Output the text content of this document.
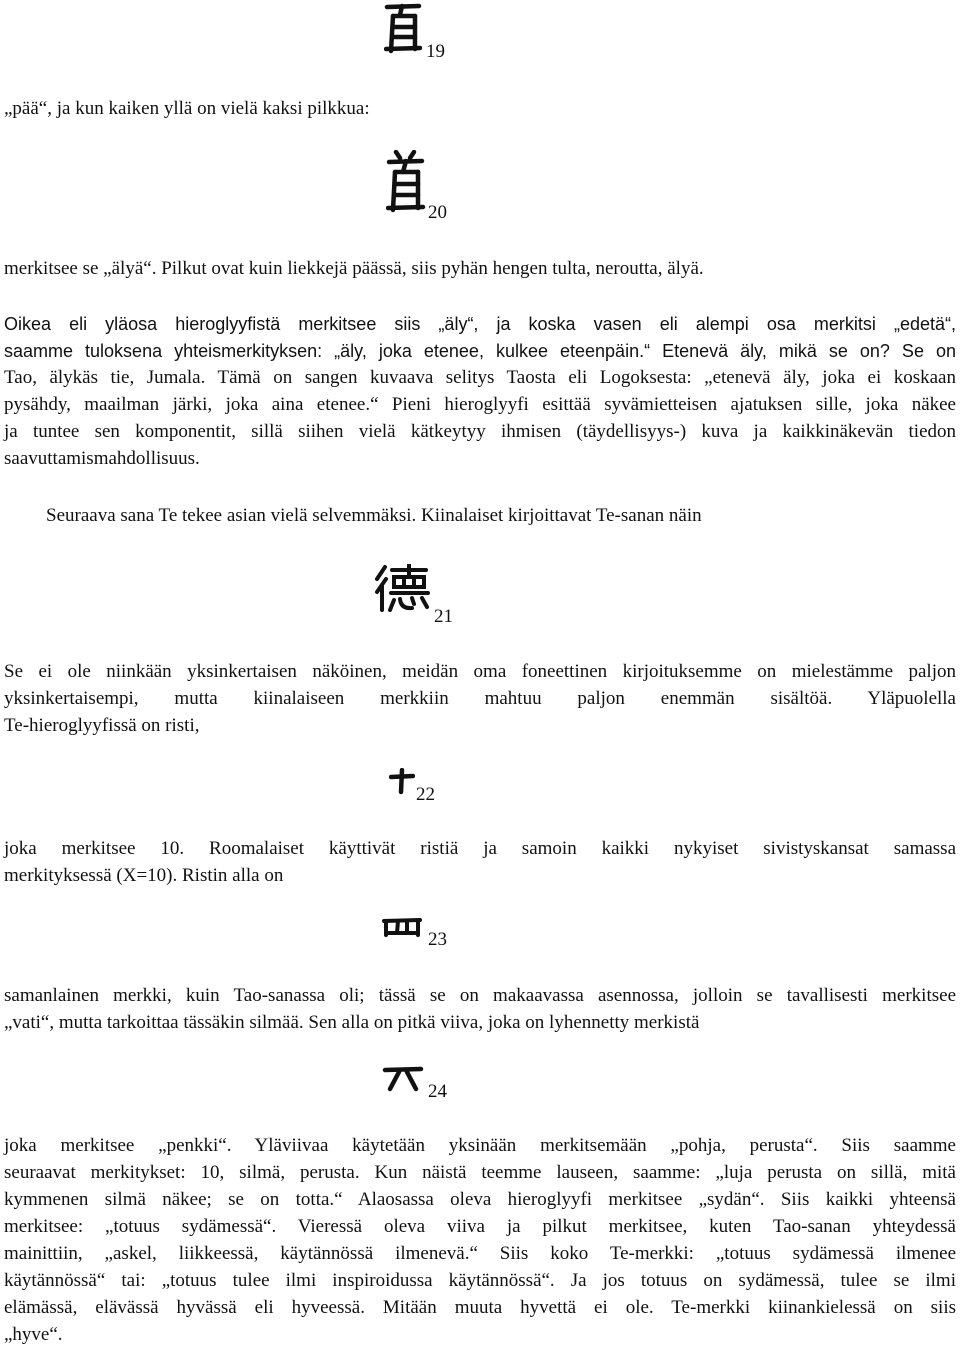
19
„pää“, ja kun kaiken yllä on vielä kaksi pilkkua:
20
merkitsee se „älyä“. Pilkut ovat kuin liekkejä päässä, siis pyhän hengen tulta, neroutta, älyä.
Oikea eli yläosa hieroglyyfistä merkitsee siis „äly“, ja koska vasen eli alempi osa merkitsi „edetä“,
saamme tuloksena yhteismerkityksen: „äly, joka etenee, kulkee eteenpäin.“ Etenevä äly, mikä se on? Se on
Tao, älykäs tie, Jumala. Tämä on sangen kuvaava selitys Taosta eli Logoksesta: „etenevä äly, joka ei koskaan
pysähdy, maailman järki, joka aina etenee.“ Pieni hieroglyyfi esittää syvämietteisen ajatuksen sille, joka näkee
ja tuntee sen komponentit, sillä siihen vielä kätkeytyy ihmisen (täydellisyys-) kuva ja kaikkinäkevän tiedon
saavuttamismahdollisuus.
Seuraava sana Te tekee asian vielä selvemmäksi. Kiinalaiset kirjoittavat Te-sanan näin
21
Se ei ole niinkään yksinkertaisen näköinen, meidän oma foneettinen kirjoituksemme on mielestämme paljon
yksinkertaisempi, mutta kiinalaiseen merkkiin mahtuu paljon enemmän sisältöä. Yläpuolella
Te-hieroglyyfissä on risti,
22
joka merkitsee 10. Roomalaiset käyttivät ristiä ja samoin kaikki nykyiset sivistyskansat samassa
merkityksessä (X=10). Ristin alla on
23
samanlainen merkki, kuin Tao-sanassa oli; tässä se on makaavassa asennossa, jolloin se tavallisesti merkitsee
„vati“, mutta tarkoittaa tässäkin silmää. Sen alla on pitkä viiva, joka on lyhennetty merkistä
24
joka merkitsee „penkki“. Yläviivaa käytetään yksinään merkitsemään „pohja, perusta“. Siis saamme
seuraavat merkitykset: 10, silmä, perusta. Kun näistä teemme lauseen, saamme: „luja perusta on sillä, mitä
kymmenen silmä näkee; se on totta.“ Alaosassa oleva hieroglyyfi merkitsee „sydän“. Siis kaikki yhteensä
merkitsee: „totuus sydämessä“. Vieressä oleva viiva ja pilkut merkitsee, kuten Tao-sanan yhteydessä
mainittiin, „askel, liikkeessä, käytännössä ilmenevä.“ Siis koko Te-merkki: „totuus sydämessä ilmenee
käytännössä“ tai: „totuus tulee ilmi inspiroidussa käytännössä“. Ja jos totuus on sydämessä, tulee se ilmi
elämässä, elävässä hyvässä eli hyveessä. Mitään muuta hyvettä ei ole. Te-merkki kiinankielessä on siis
„hyve“.
